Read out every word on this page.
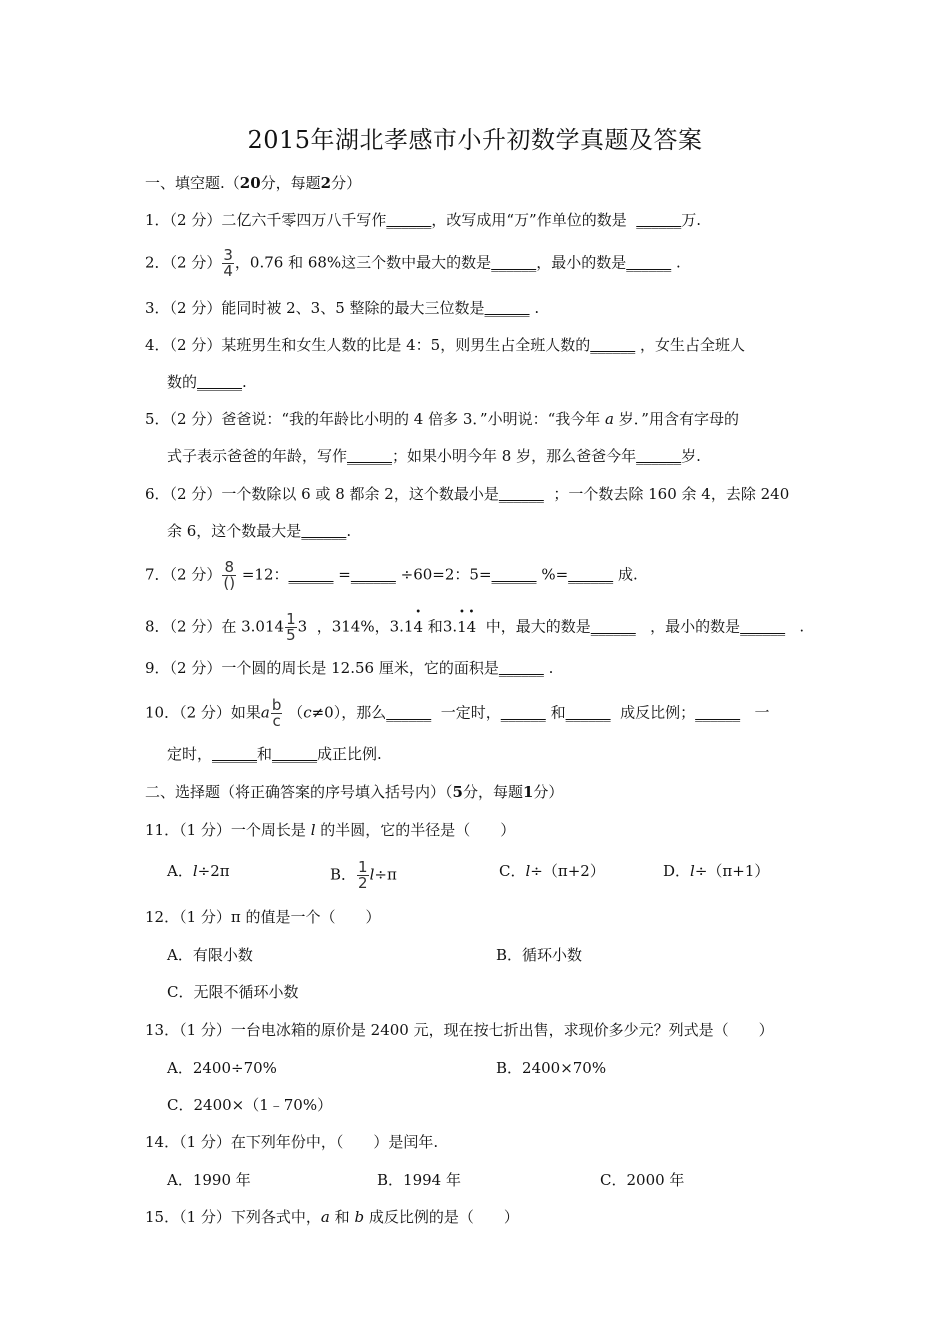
2015年湖北孝感市小升初数学真题及答案
一、填空题.（20分，每题2分）
1．（2 分）二亿六千零四万八千写作______，改写成用“万”作单位的数是 ______万.
2．（2 分） $\frac{3}{4}$ ，0.76 和 68%这三个数中最大的数是______，最小的数是______ .
3．（2 分）能同时被 2、3、5 整除的最大三位数是______ .
4．（2 分）某班男生和女生人数的比是 4：5，则男生占全班人数的______ ，女生占全班人
数的______.
5．（2 分）爸爸说：“我的年龄比小明的 4 倍多 3．”小明说：“我今年 a 岁．”用含有字母的
式子表示爸爸的年龄，写作______；如果小明今年 8 岁，那么爸爸今年______岁.
6．（2 分）一个数除以 6 或 8 都余 2，这个数最小是______ ；一个数去除 160 余 4，去除 240
余 6，这个数最大是______.
7．（2 分） $\frac{8}{()} =12$：______ =______ ÷60=2：5=______ %=______ 成.
8．（2 分）在 $3.014 \frac{1}{5} 3$ ，314%，3.1• 4 和3.• 1• 4 中，最大的数是______ ，最小的数是______ .
9．（2 分）一个圆的周长是 12.56 厘米，它的面积是______ .
10．（2 分）如果a $\frac{b}{c} (c\ne 0)$，那么______ 一定时，______ 和______ 成反比例；______ 一
定时，______和______成正比例.
二、选择题（将正确答案的序号填入括号内）（5分，每题1分）
11．（1 分）一个周长是 l 的半圆，它的半径是（　　）
A．l÷2π	B． $\frac{1}{2} l\div\pi$	C．l÷（π+2）	D．l÷（π+1）
12．（1 分）π 的值是一个（　　）
A．有限小数	B．循环小数
C．无限不循环小数
13．（1 分）一台电冰箱的原价是 2400 元，现在按七折出售，求现价多少元？列式是（　　）
A．2400÷70%	B．2400×70%
C．2400×（1﹣70%）
14．（1 分）在下列年份中，（　　）是闰年.
A．1990 年	B．1994 年	C．2000 年
15．（1 分）下列各式中，a 和 b 成反比例的是（　　）
